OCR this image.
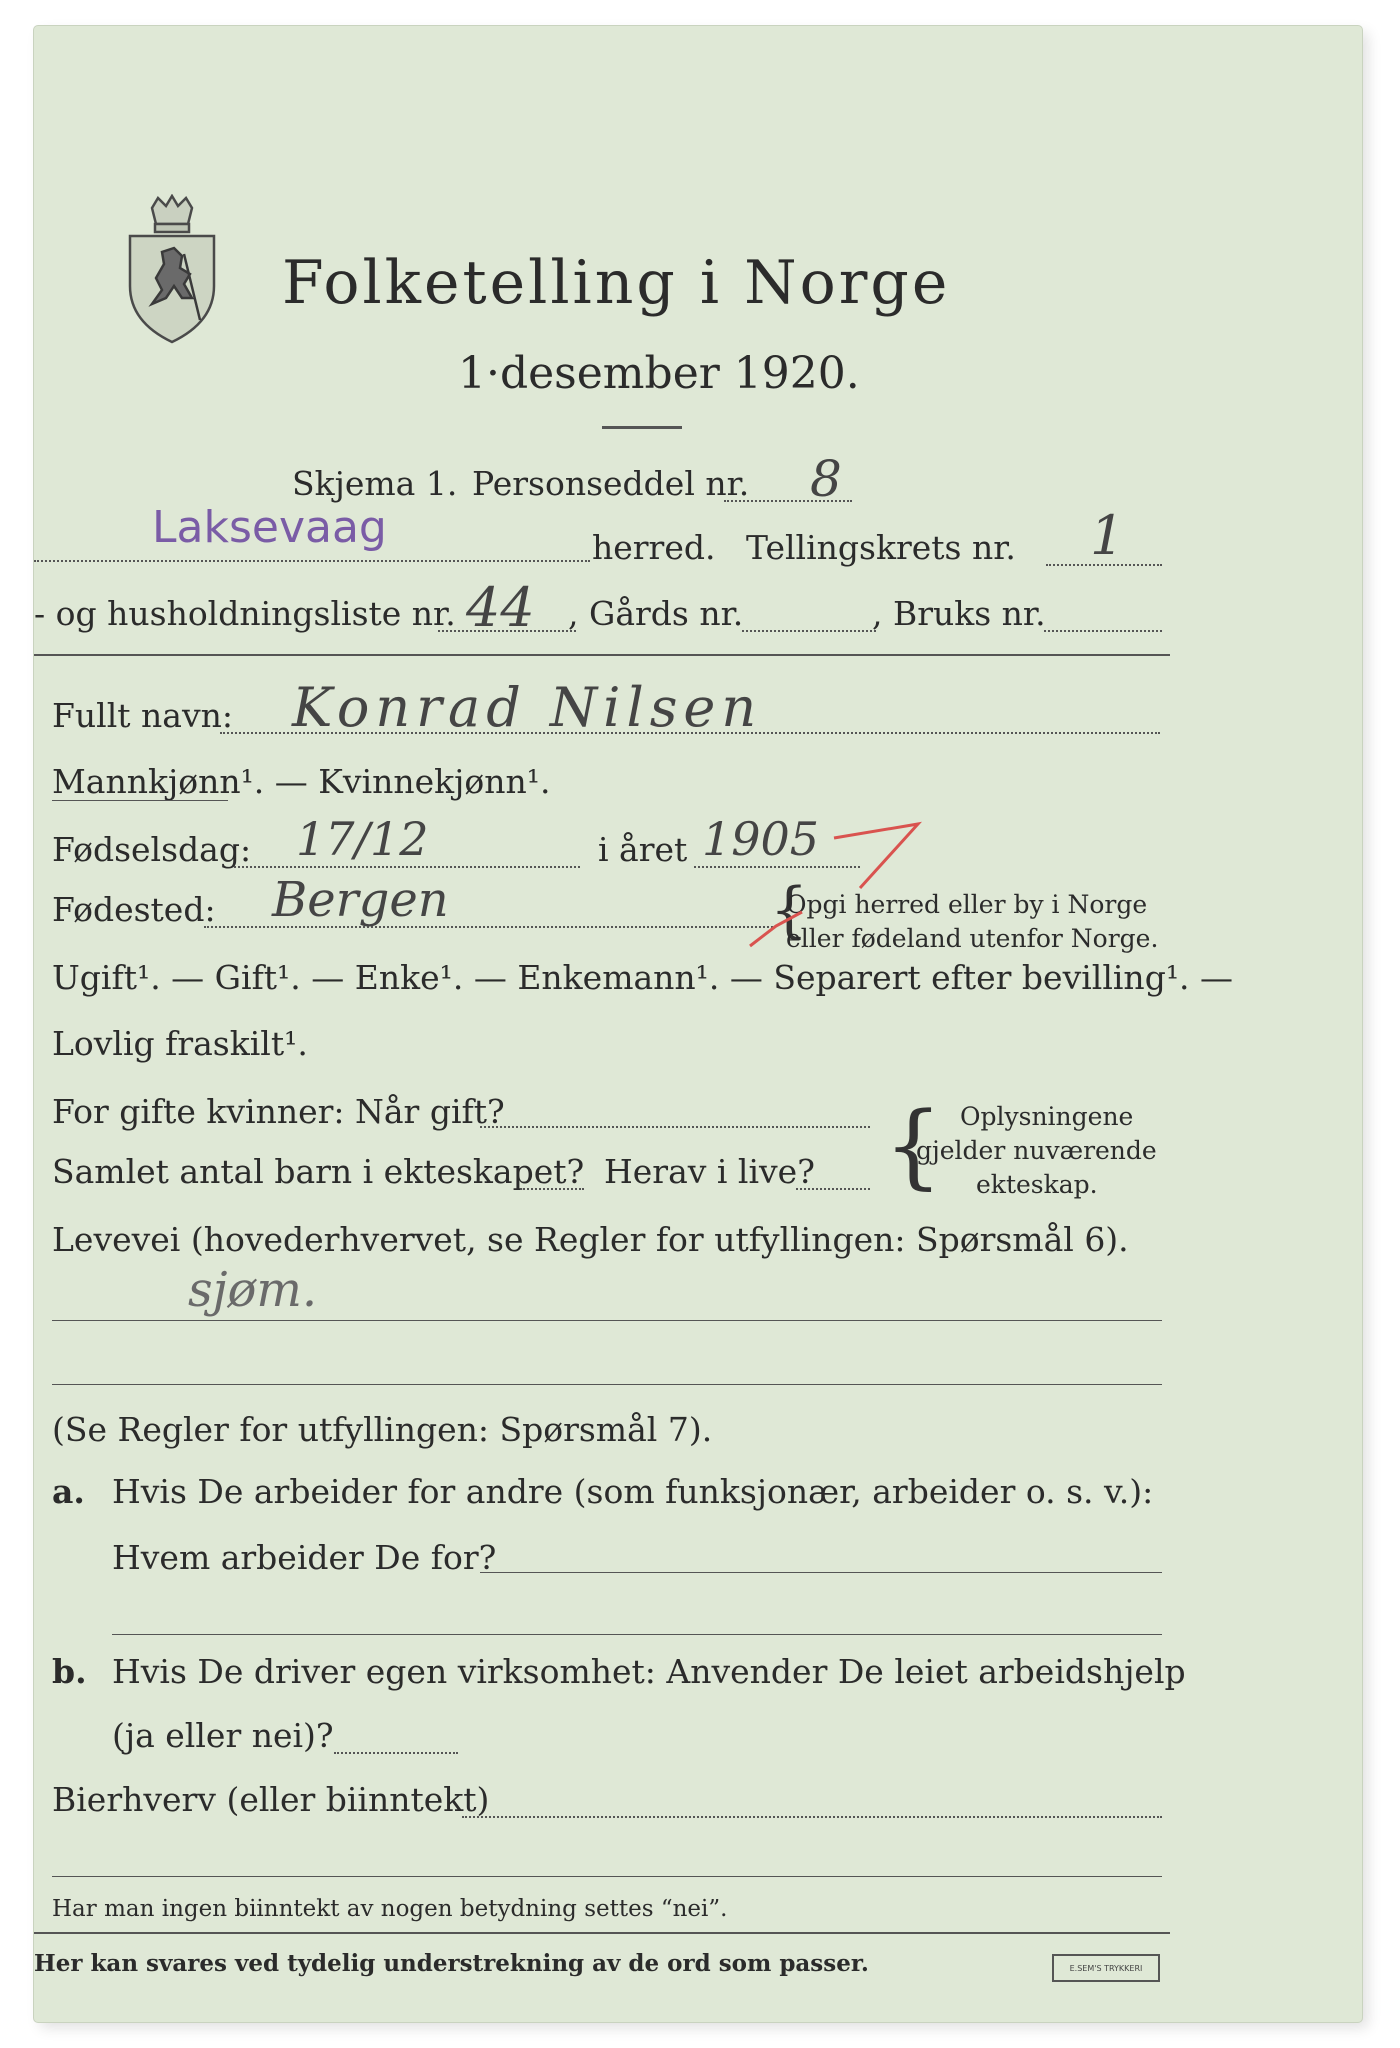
Folketelling i Norge
1·desember 1920.
Skjema 1. Personseddel nr. 8
Laksevaag	herred. Tellingskrets nr. 1
- og husholdningsliste nr. 44 , Gårds nr.	, Bruks nr.
Fullt navn: Konrad Nilsen
Mannkjønn¹. — Kvinnekjønn¹.
Fødselsdag: 17/12	i året 1905
Fødested: Bergen	{
Opgi herred eller by i Norge
eller fødeland utenfor Norge.
Ugift¹. — Gift¹. — Enke¹. — Enkemann¹. — Separert efter bevilling¹. —
Lovlig fraskilt¹.
For gifte kvinner: Når gift?
Samlet antal barn i ekteskapet? Herav i live? { Oplysningene
gjelder nuværende
ekteskap.
Levevei (hovederhvervet, se Regler for utfyllingen: Spørsmål 6).
sjøm.
(Se Regler for utfyllingen: Spørsmål 7).
a. Hvis De arbeider for andre (som funksjonær, arbeider o. s. v.):
Hvem arbeider De for?
b. Hvis De driver egen virksomhet: Anvender De leiet arbeidshjelp
(ja eller nei)?
Bierhverv (eller biinntekt)
Har man ingen biinntekt av nogen betydning settes “nei”.
Her kan svares ved tydelig understrekning av de ord som passer.	E.SEM'S TRYKKERI
